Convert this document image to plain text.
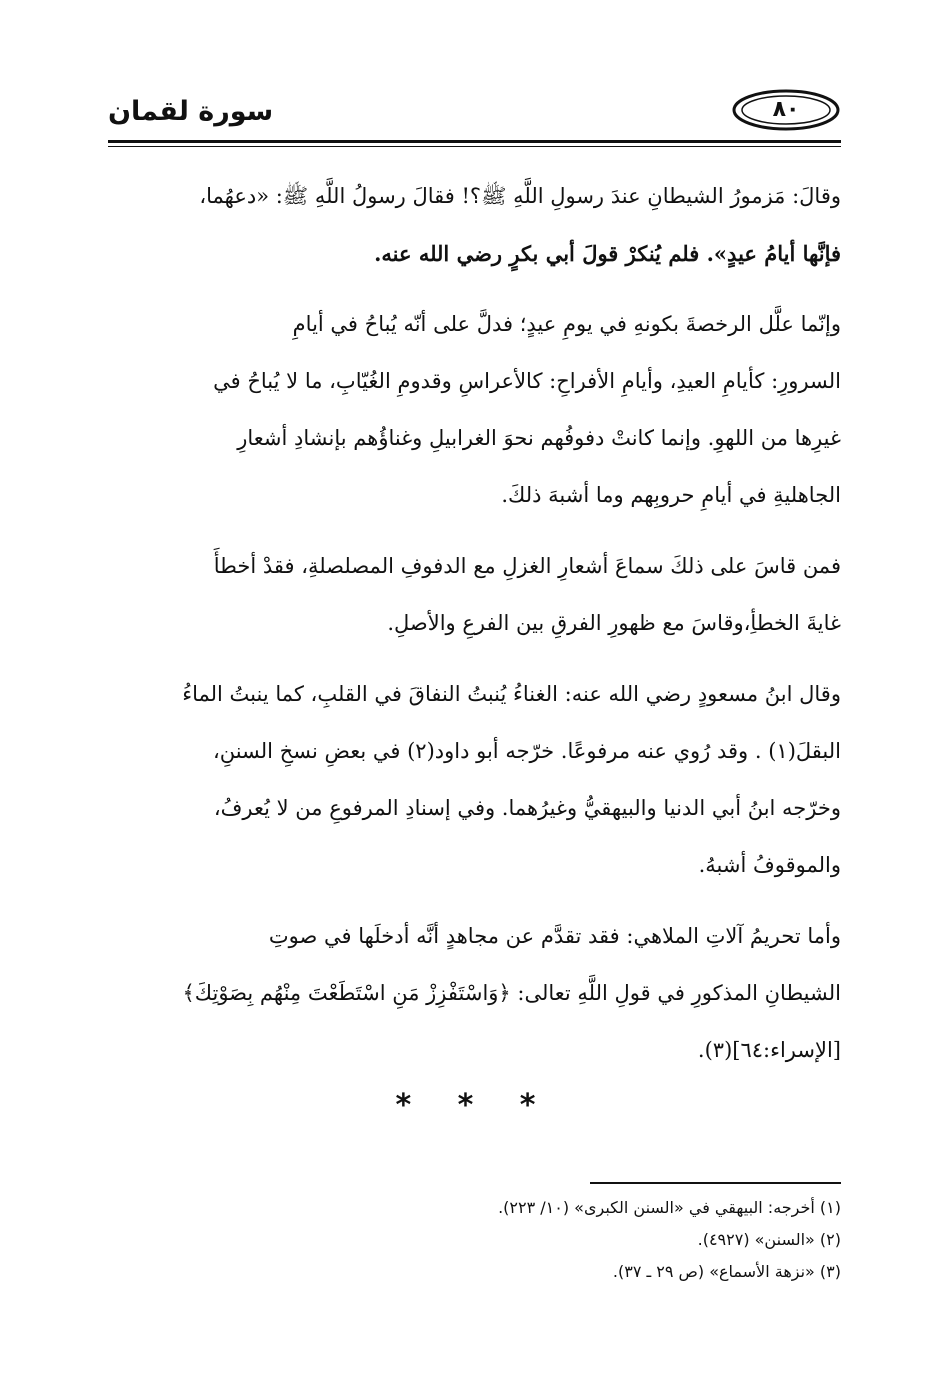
سورة لقمان	٨٠

وقالَ: مَزمورُ الشيطانِ عندَ رسولِ اللَّهِ ﷺ؟! فقالَ رسولُ اللَّهِ ﷺ: «دعهُما،

فإنَّها أيامُ عيدٍ». فلم يُنكرْ قولَ أبي بكرٍ رضي الله عنه.

وإنّما علَّل الرخصةَ بكونهِ في يومِ عيدٍ؛ فدلَّ على أنّه يُباحُ في أيامِ

السرورِ: كأيامِ العيدِ، وأيامِ الأفراحِ: كالأعراسِ وقدومِ الغُيّابِ، ما لا يُباحُ في

غيرِها من اللهوِ. وإنما كانتْ دفوفُهم نحوَ الغرابيلِ وغناؤُهم بإنشادِ أشعارِ

الجاهليةِ في أيامِ حروبِهم وما أشبهَ ذلكَ.

فمن قاسَ على ذلكَ سماعَ أشعارِ الغزلِ مع الدفوفِ المصلصلةِ، فقدْ أخطأَ

غايةَ الخطأِ،وقاسَ مع ظهورِ الفرقِ بين الفرعِ والأصلِ.

وقال ابنُ مسعودٍ رضي الله عنه: الغناءُ يُنبتُ النفاقَ في القلبِ، كما ينبتُ الماءُ

البقلَ(١) . وقد رُوي عنه مرفوعًا. خرّجه أبو داود(٢) في بعضِ نسخِ السننِ،

وخرّجه ابنُ أبي الدنيا والبيهقيُّ وغيرُهما. وفي إسنادِ المرفوعِ من لا يُعرفُ،

والموقوفُ أشبهُ.

وأما تحريمُ آلاتِ الملاهي: فقد تقدَّم عن مجاهدٍ أنَّه أدخلَها في صوتِ

الشيطانِ المذكورِ في قولِ اللَّهِ تعالى: ﴿وَاسْتَفْزِزْ مَنِ اسْتَطَعْتَ مِنْهُم بِصَوْتِكَ﴾

[الإسراء:٦٤](٣).

* * *
(١) أخرجه: البيهقي في «السنن الكبرى» (١٠/ ٢٢٣).
(٢) «السنن» (٤٩٢٧).
(٣) «نزهة الأسماع» (ص ٢٩ ـ ٣٧).
